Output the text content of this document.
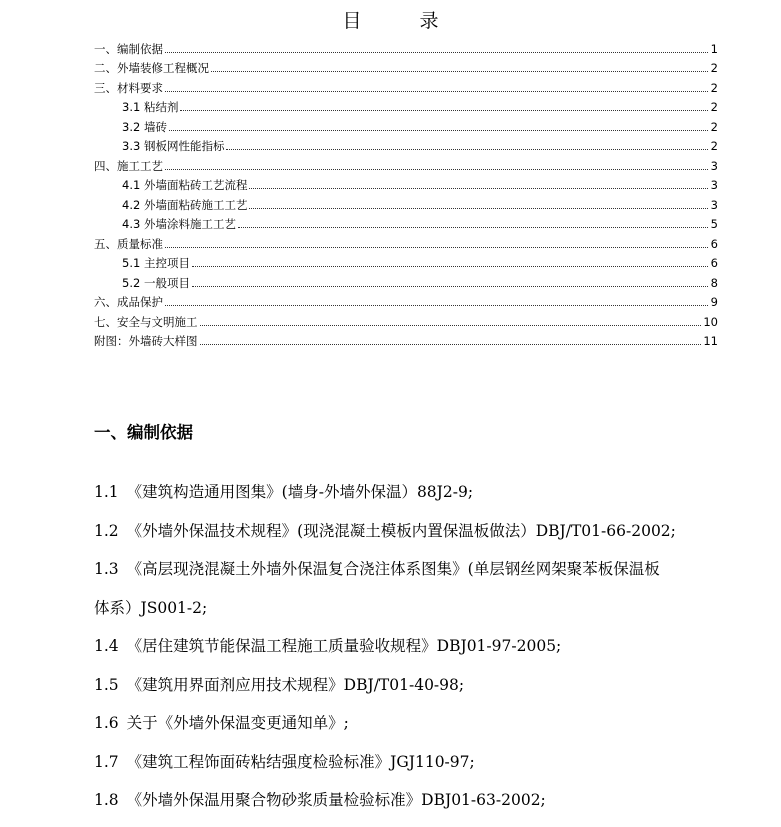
目	录
一、编制依据	1
二、外墙装修工程概况	2
三、材料要求	2
3.1 粘结剂	2
3.2 墙砖	2
3.3 钢板网性能指标	2
四、施工工艺	3
4.1 外墙面粘砖工艺流程	3
4.2 外墙面粘砖施工工艺	3
4.3 外墙涂料施工工艺	5
五、质量标准	6
5.1 主控项目	6
5.2 一般项目	8
六、成品保护	9
七、安全与文明施工	10
附图：外墙砖大样图	11
一、编制依据
1.1 《建筑构造通用图集》(墙身-外墙外保温）88J2-9;
1.2 《外墙外保温技术规程》(现浇混凝土模板内置保温板做法）DBJ/T01-66-2002;
1.3 《高层现浇混凝土外墙外保温复合浇注体系图集》(单层钢丝网架聚苯板保温板
体系）JS001-2;
1.4 《居住建筑节能保温工程施工质量验收规程》DBJ01-97-2005;
1.5 《建筑用界面剂应用技术规程》DBJ/T01-40-98;
1.6 关于《外墙外保温变更通知单》;
1.7 《建筑工程饰面砖粘结强度检验标准》JGJ110-97;
1.8 《外墙外保温用聚合物砂浆质量检验标准》DBJ01-63-2002;
